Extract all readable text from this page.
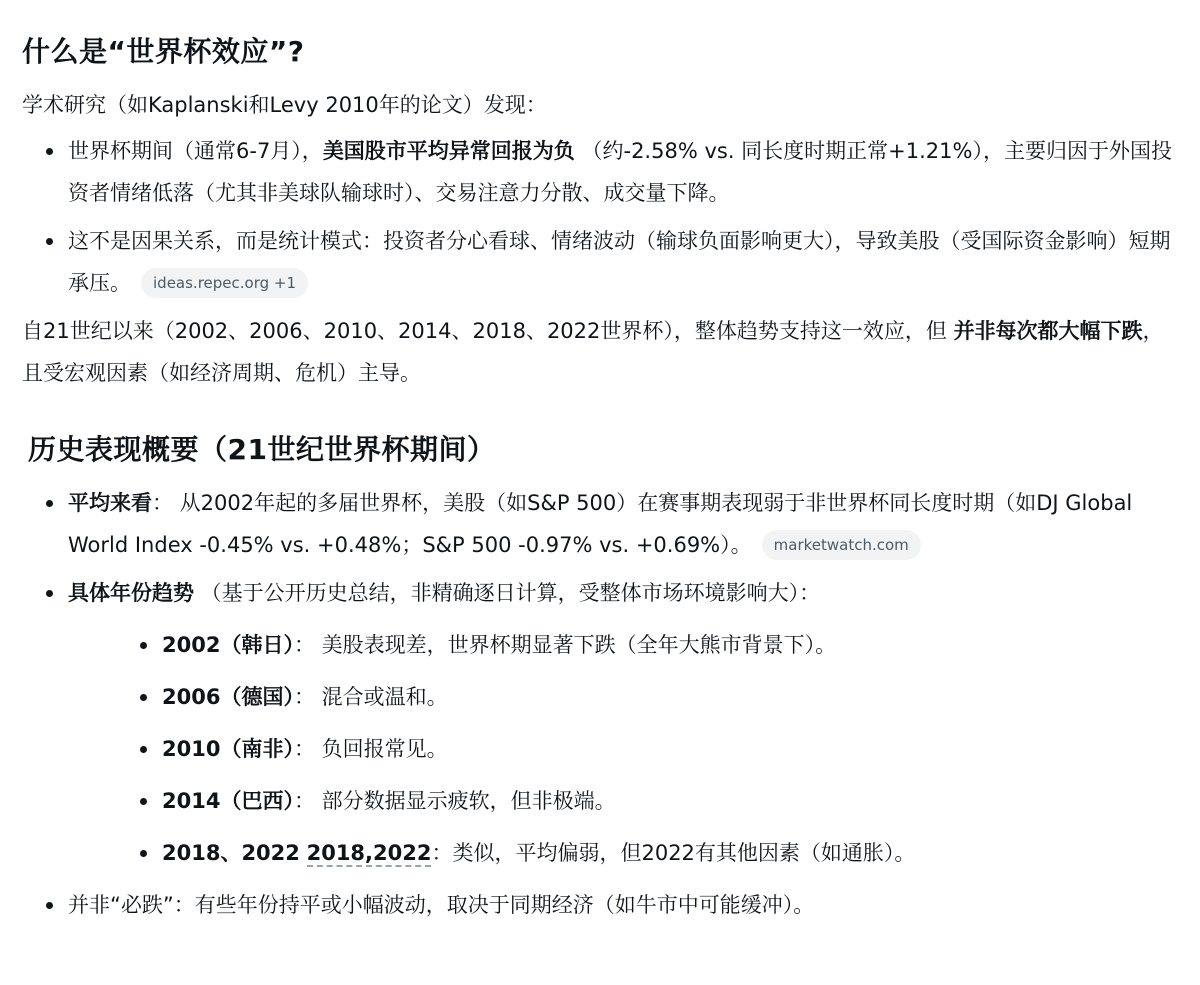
什么是“世界杯效应”?

学术研究（如Kaplanski和Levy 2010年的论文）发现：

世界杯期间（通常6-7月），美国股市平均异常回报为负 （约-2.58% vs. 同长度时期正常+1.21%），主要归因于外国投资者情绪低落（尤其非美球队输球时）、交易注意力分散、成交量下降。
这不是因果关系，而是统计模式：投资者分心看球、情绪波动（输球负面影响更大），导致美股（受国际资金影响）短期承压。 ideas.repec.org +1

自21世纪以来（2002、2006、2010、2014、2018、2022世界杯），整体趋势支持这一效应，但 并非每次都大幅下跌，且受宏观因素（如经济周期、危机）主导。

历史表现概要（21世纪世界杯期间）
平均来看： 从2002年起的多届世界杯，美股（如S&P 500）在赛事期表现弱于非世界杯同长度时期（如DJ Global World Index -0.45% vs. +0.48%；S&P 500 -0.97% vs. +0.69%）。 marketwatch.com
具体年份趋势 （基于公开历史总结，非精确逐日计算，受整体市场环境影响大）：
2002（韩日）： 美股表现差，世界杯期显著下跌（全年大熊市背景下）。
2006（德国）： 混合或温和。
2010（南非）： 负回报常见。
2014（巴西）： 部分数据显示疲软，但非极端。
2018、2022 2018,2022：类似，平均偏弱，但2022有其他因素（如通胀）。
并非“必跌”：有些年份持平或小幅波动，取决于同期经济（如牛市中可能缓冲）。
